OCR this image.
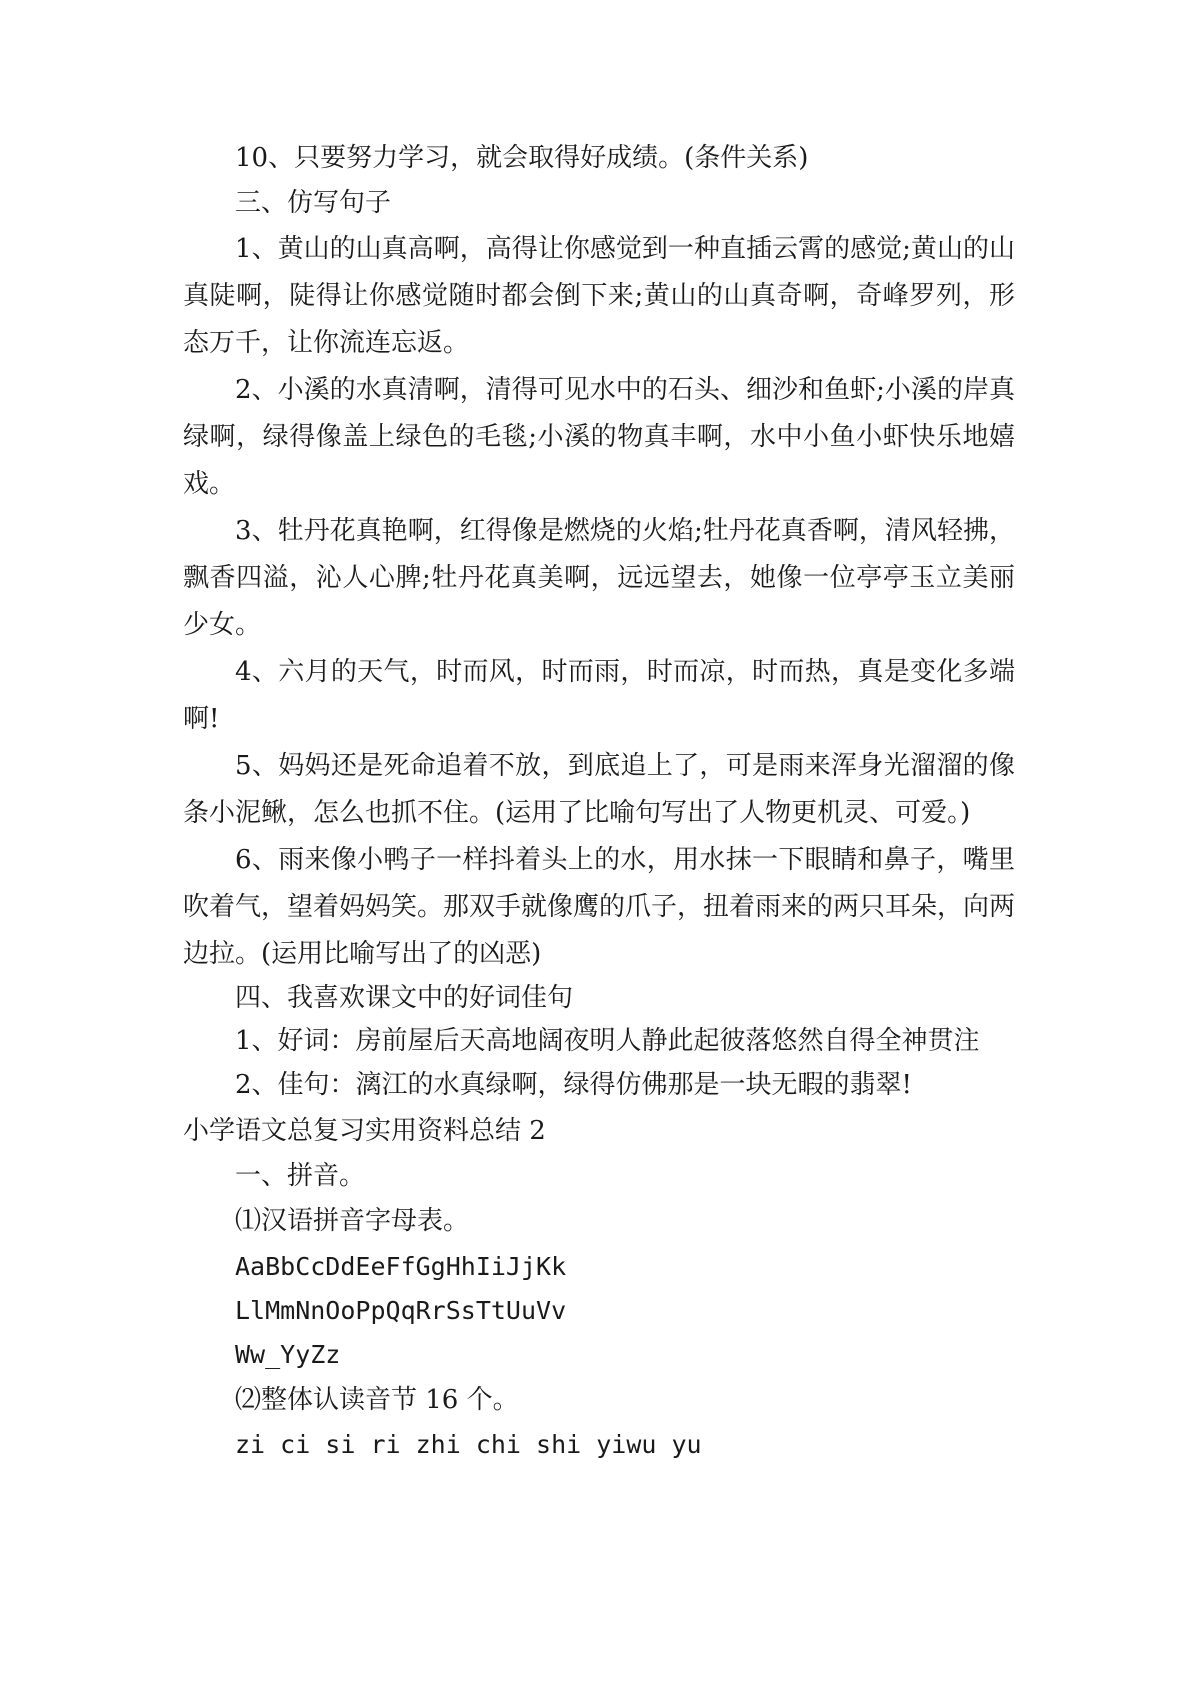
10、只要努力学习，就会取得好成绩。(条件关系)

三、仿写句子

1、黄山的山真高啊，高得让你感觉到一种直插云霄的感觉;黄山的山真陡啊，陡得让你感觉随时都会倒下来;黄山的山真奇啊，奇峰罗列，形态万千，让你流连忘返。

2、小溪的水真清啊，清得可见水中的石头、细沙和鱼虾;小溪的岸真绿啊，绿得像盖上绿色的毛毯;小溪的物真丰啊，水中小鱼小虾快乐地嬉戏。

3、牡丹花真艳啊，红得像是燃烧的火焰;牡丹花真香啊，清风轻拂，飘香四溢，沁人心脾;牡丹花真美啊，远远望去，她像一位亭亭玉立美丽少女。

4、六月的天气，时而风，时而雨，时而凉，时而热，真是变化多端啊!

5、妈妈还是死命追着不放，到底追上了，可是雨来浑身光溜溜的像条小泥鳅，怎么也抓不住。(运用了比喻句写出了人物更机灵、可爱。)

6、雨来像小鸭子一样抖着头上的水，用水抹一下眼睛和鼻子，嘴里吹着气，望着妈妈笑。那双手就像鹰的爪子，扭着雨来的两只耳朵，向两边拉。(运用比喻写出了的凶恶)

四、我喜欢课文中的好词佳句

1、好词：房前屋后天高地阔夜明人静此起彼落悠然自得全神贯注

2、佳句：漓江的水真绿啊，绿得仿佛那是一块无暇的翡翠!

小学语文总复习实用资料总结 2

一、拼音。

⑴汉语拼音字母表。

AaBbCcDdEeFfGgHhIiJjKk

LlMmNnOoPpQqRrSsTtUuVv

Ww_YyZz

⑵整体认读音节 16 个。

zi ci si ri zhi chi shi yiwu yu
